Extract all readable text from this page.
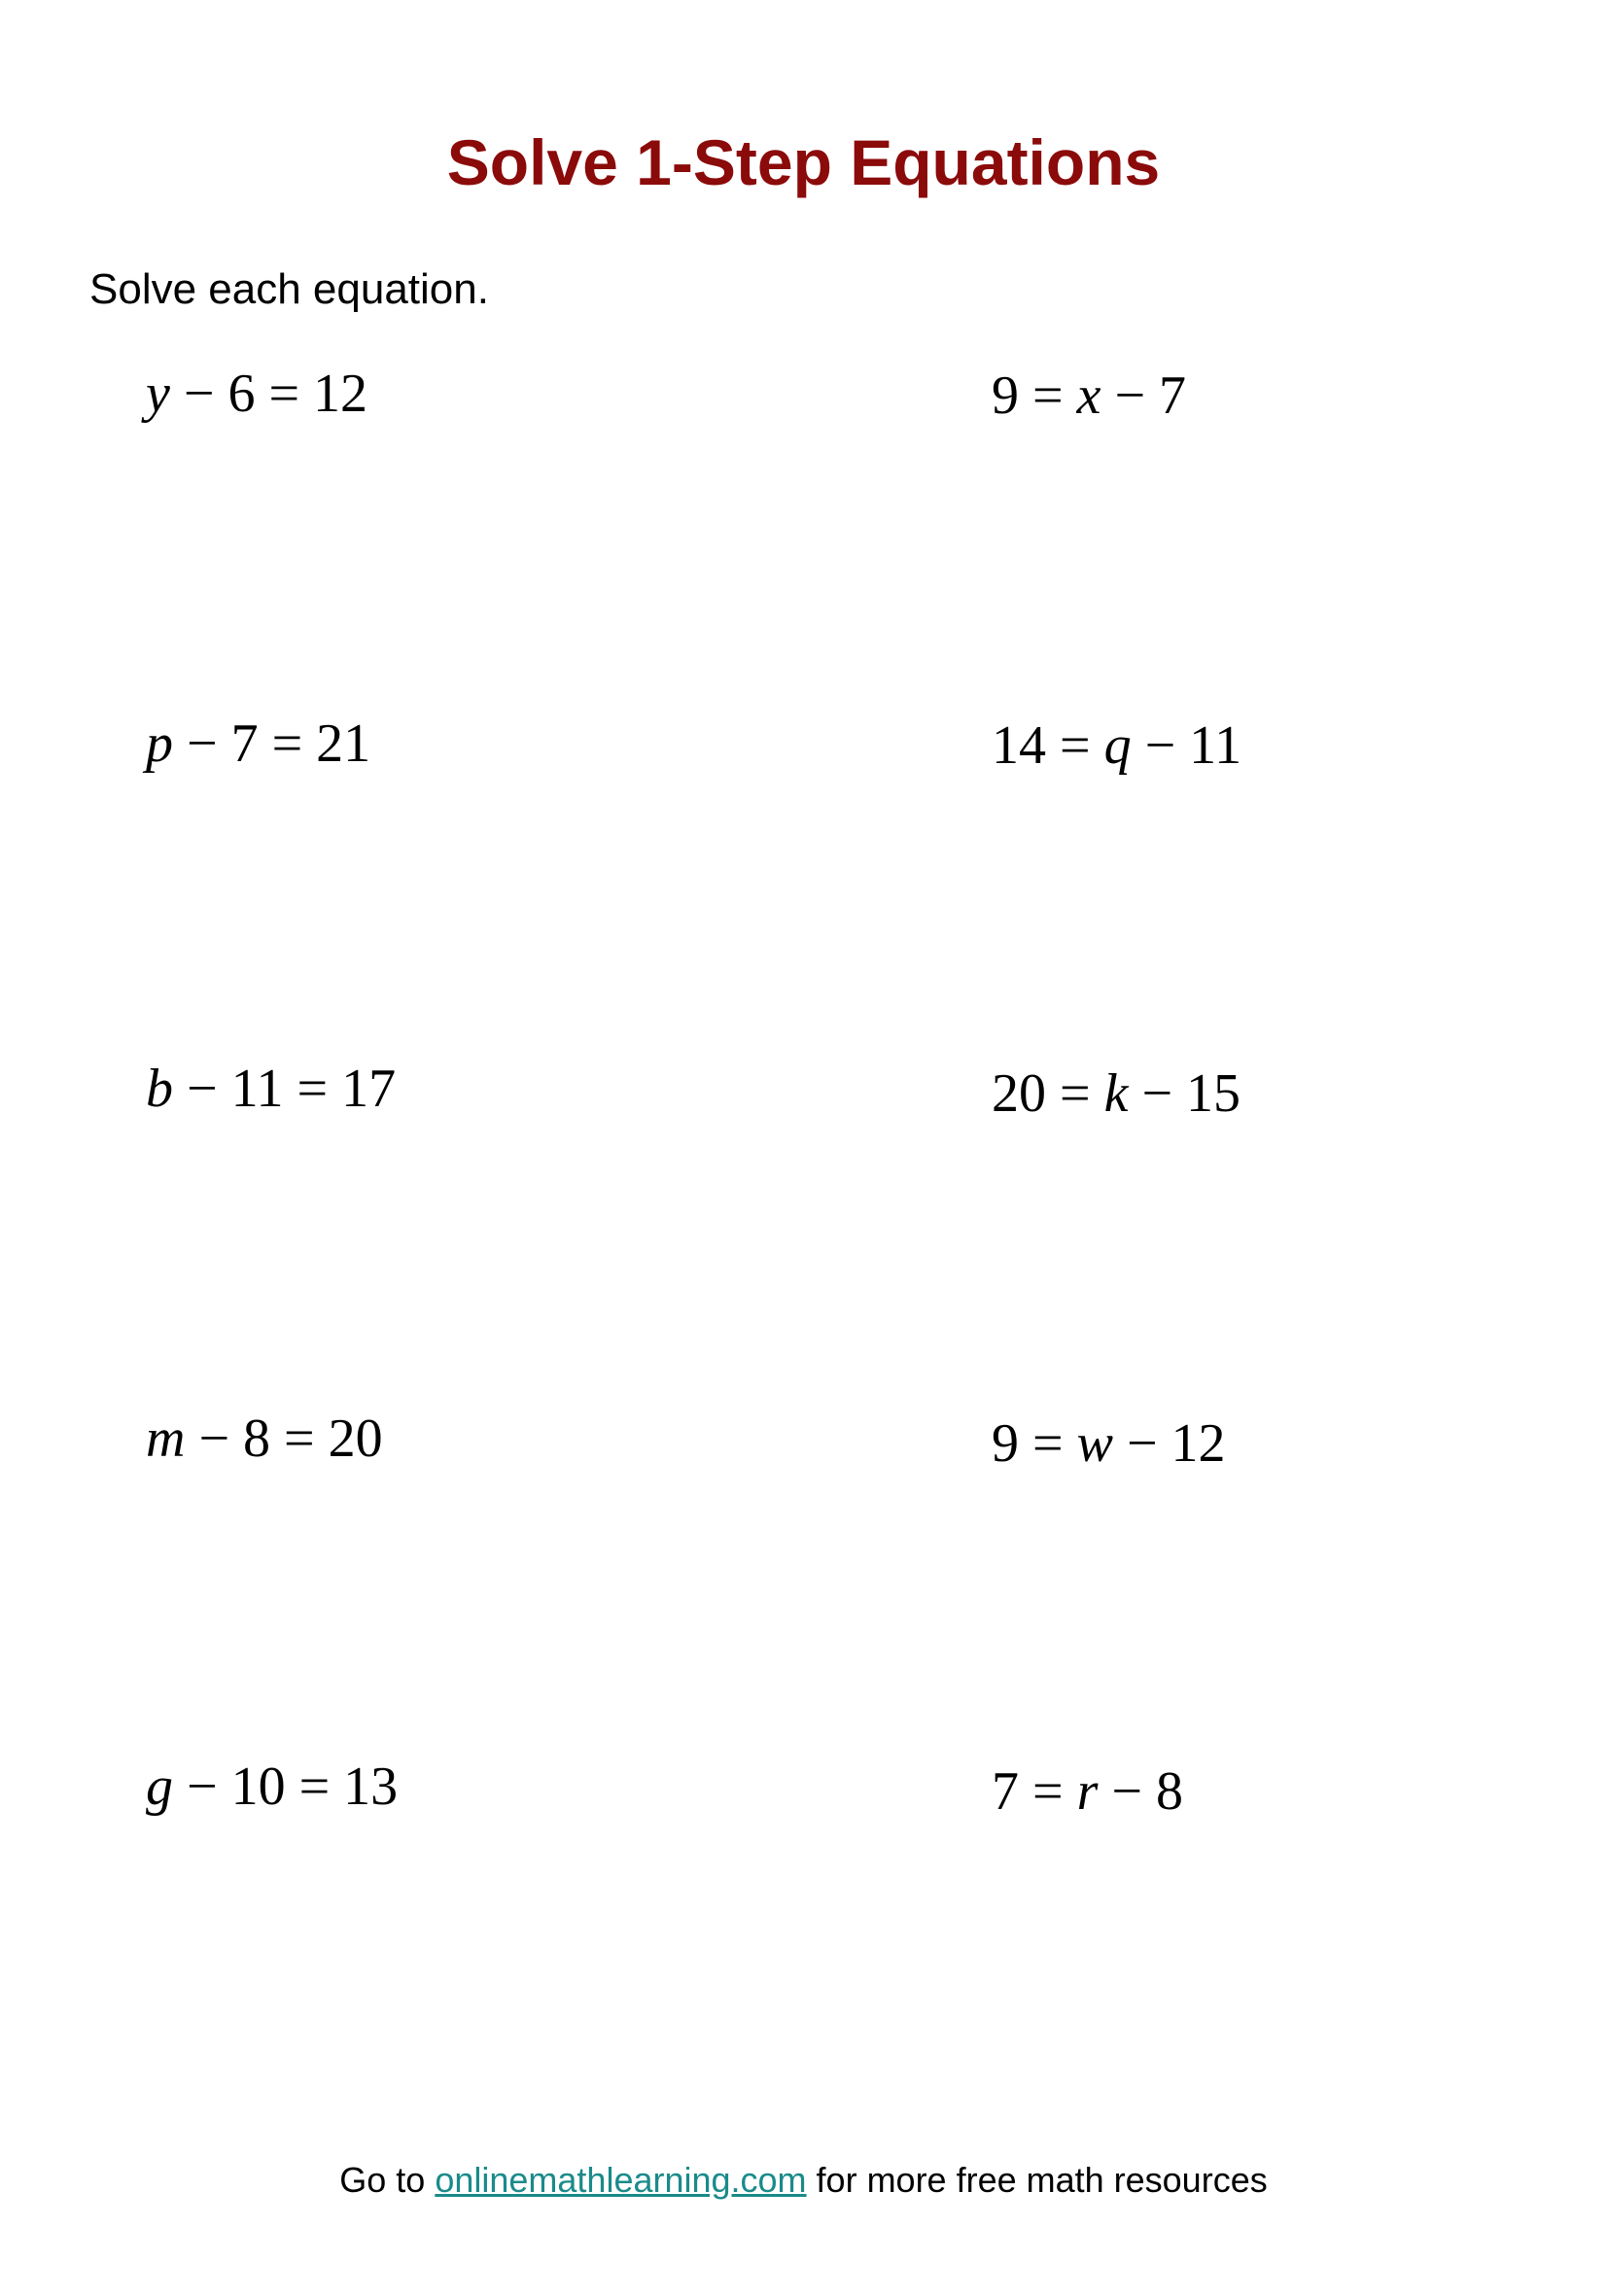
Solve 1-Step Equations
Solve each equation.
y − 6 = 12	9 = x − 7
p − 7 = 21	14 = q − 11
b − 11 = 17	20 = k − 15
m − 8 = 20	9 = w − 12
g − 10 = 13	7 = r − 8
Go to onlinemathlearning.com for more free math resources
